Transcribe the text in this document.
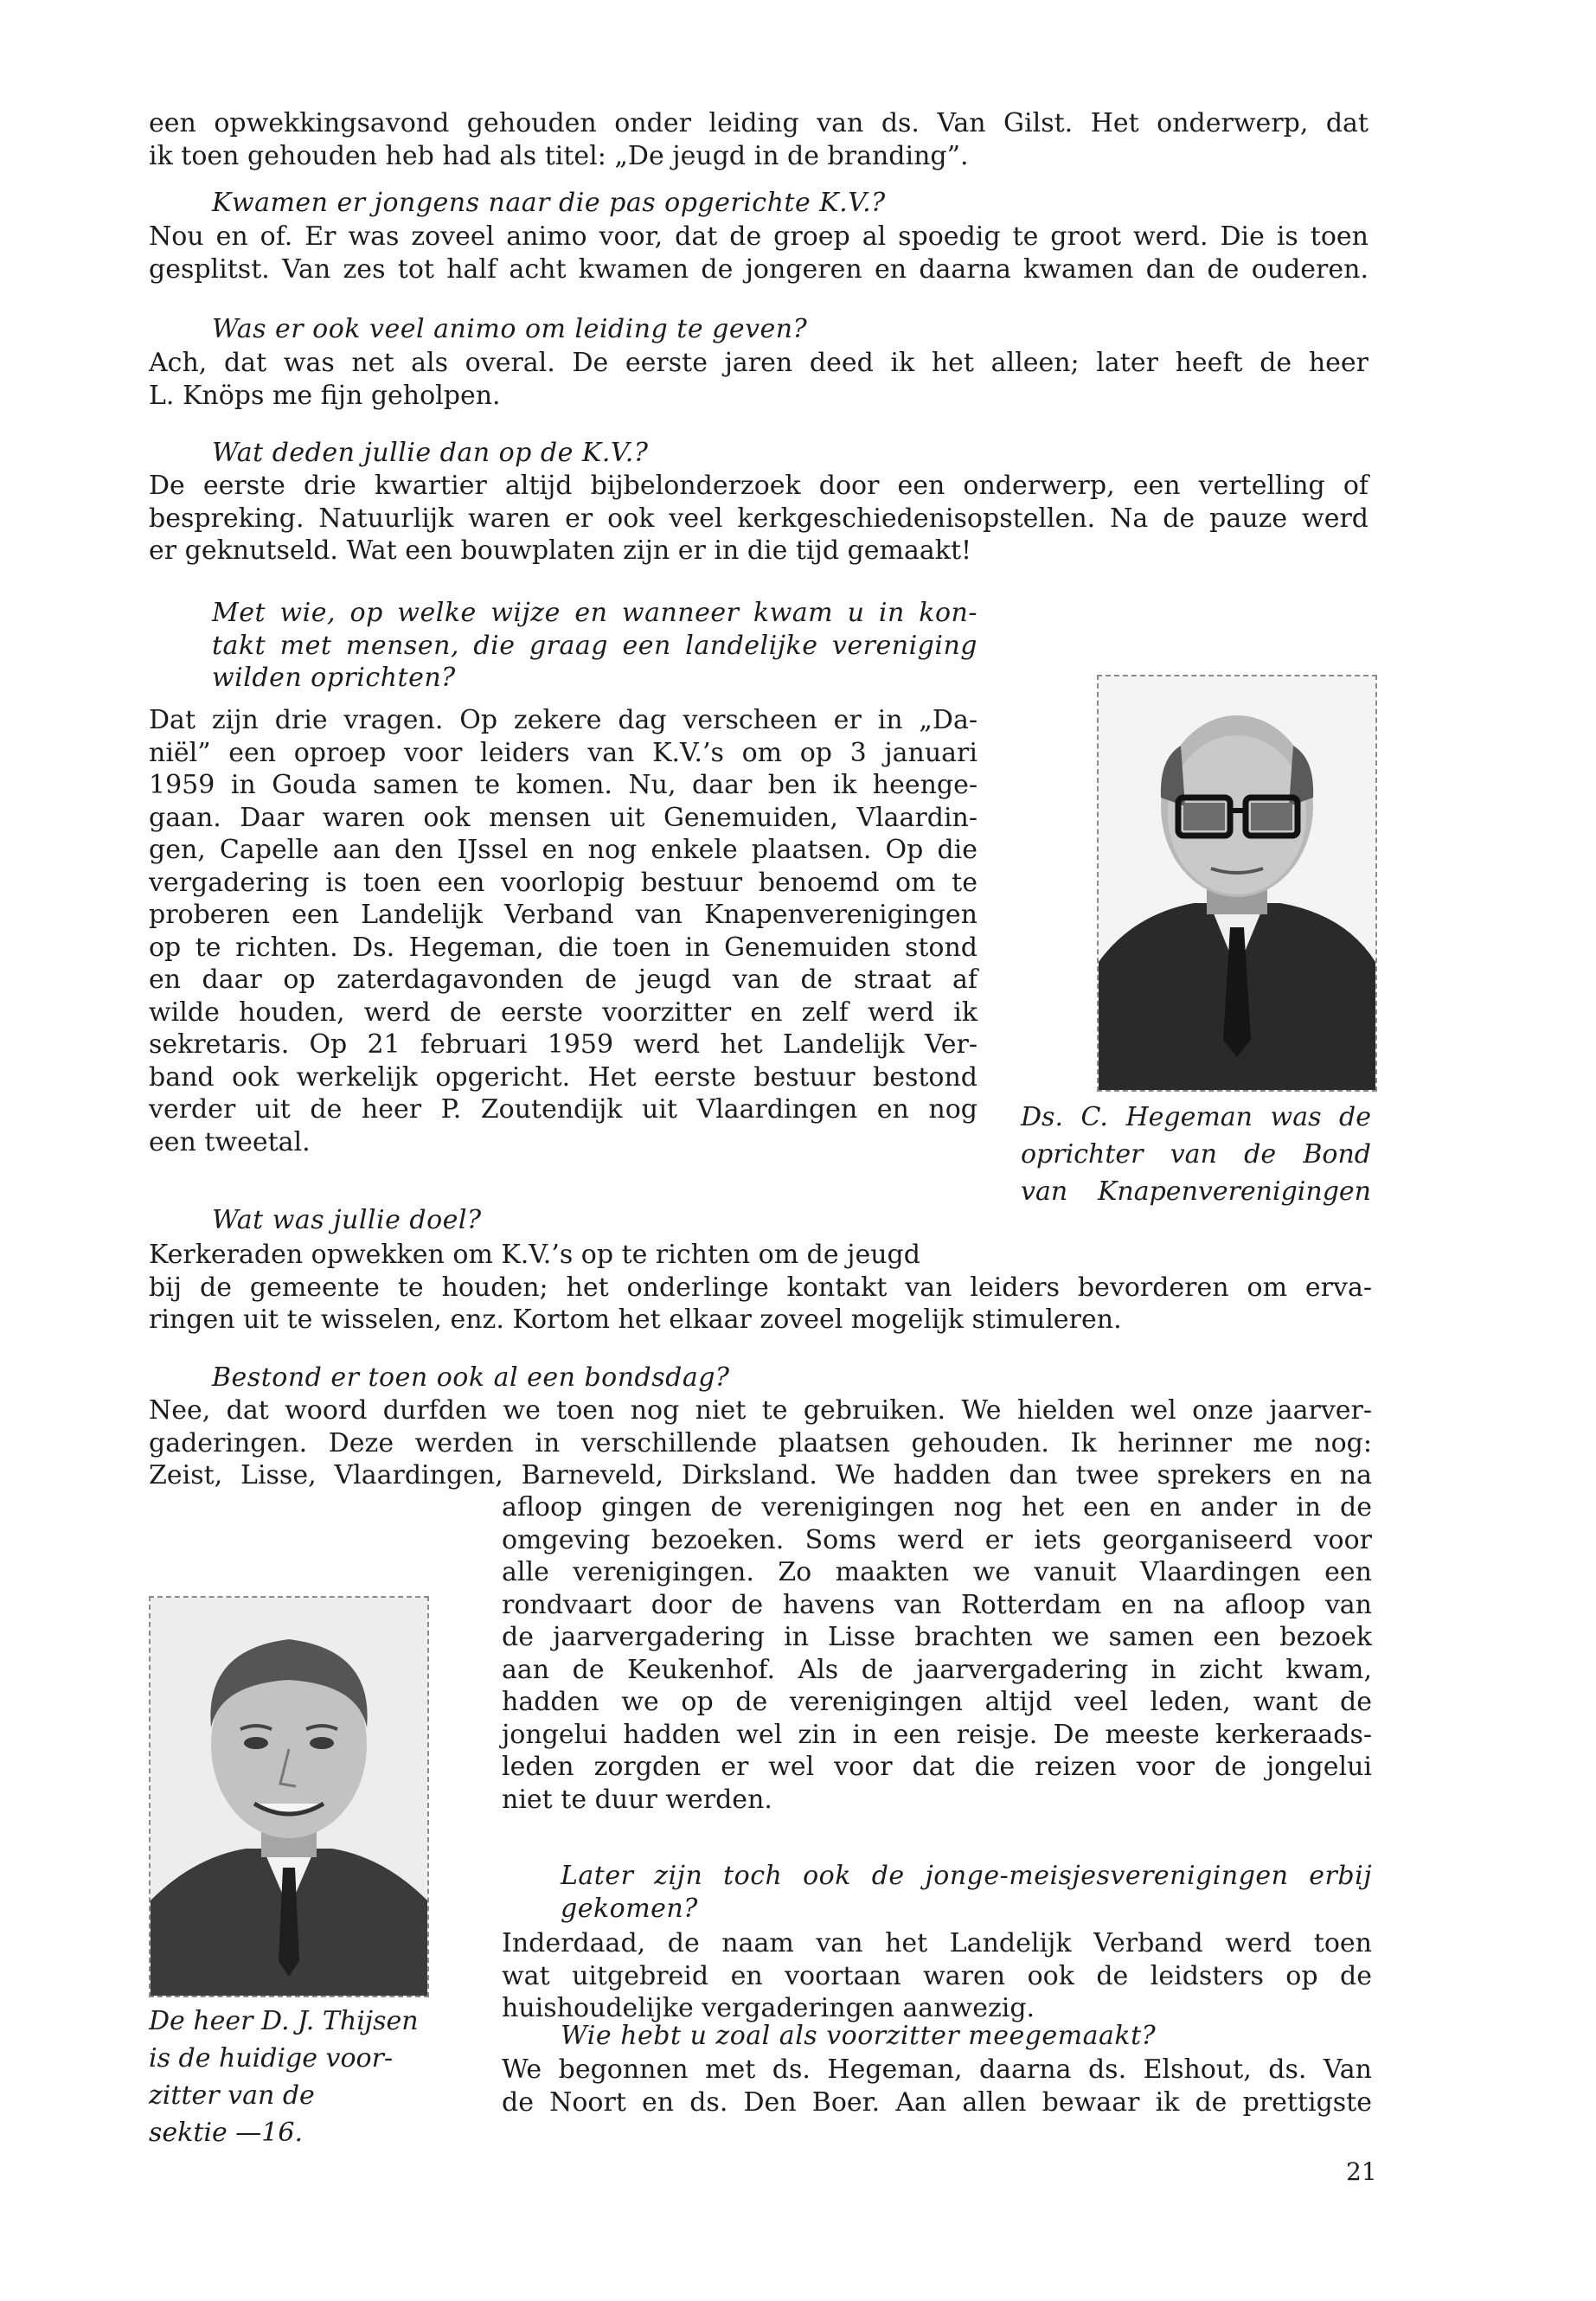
een opwekkingsavond gehouden onder leiding van ds. Van Gilst. Het onderwerp, dat
ik toen gehouden heb had als titel: „De jeugd in de branding”.
Kwamen er jongens naar die pas opgerichte K.V.?
Nou en of. Er was zoveel animo voor, dat de groep al spoedig te groot werd. Die is toen
gesplitst. Van zes tot half acht kwamen de jongeren en daarna kwamen dan de ouderen.
Was er ook veel animo om leiding te geven?
Ach, dat was net als overal. De eerste jaren deed ik het alleen; later heeft de heer
L. Knöps me fijn geholpen.
Wat deden jullie dan op de K.V.?
De eerste drie kwartier altijd bijbelonderzoek door een onderwerp, een vertelling of
bespreking. Natuurlijk waren er ook veel kerkgeschiedenisopstellen. Na de pauze werd
er geknutseld. Wat een bouwplaten zijn er in die tijd gemaakt!
Met wie, op welke wijze en wanneer kwam u in kon-
takt met mensen, die graag een landelijke vereniging
wilden oprichten?
Dat zijn drie vragen. Op zekere dag verscheen er in „Da-
niël” een oproep voor leiders van K.V.’s om op 3 januari
1959 in Gouda samen te komen. Nu, daar ben ik heenge-
gaan. Daar waren ook mensen uit Genemuiden, Vlaardin-
gen, Capelle aan den IJssel en nog enkele plaatsen. Op die
vergadering is toen een voorlopig bestuur benoemd om te
proberen een Landelijk Verband van Knapenverenigingen
op te richten. Ds. Hegeman, die toen in Genemuiden stond
en daar op zaterdagavonden de jeugd van de straat af
wilde houden, werd de eerste voorzitter en zelf werd ik
sekretaris. Op 21 februari 1959 werd het Landelijk Ver-
band ook werkelijk opgericht. Het eerste bestuur bestond
verder uit de heer P. Zoutendijk uit Vlaardingen en nog
een tweetal.
Ds. C. Hegeman was de
oprichter van de Bond
van Knapenverenigingen
Wat was jullie doel?
Kerkeraden opwekken om K.V.’s op te richten om de jeugd
bij de gemeente te houden; het onderlinge kontakt van leiders bevorderen om erva-
ringen uit te wisselen, enz. Kortom het elkaar zoveel mogelijk stimuleren.
Bestond er toen ook al een bondsdag?
Nee, dat woord durfden we toen nog niet te gebruiken. We hielden wel onze jaarver-
gaderingen. Deze werden in verschillende plaatsen gehouden. Ik herinner me nog:
Zeist, Lisse, Vlaardingen, Barneveld, Dirksland. We hadden dan twee sprekers en na
afloop gingen de verenigingen nog het een en ander in de
omgeving bezoeken. Soms werd er iets georganiseerd voor
alle verenigingen. Zo maakten we vanuit Vlaardingen een
rondvaart door de havens van Rotterdam en na afloop van
de jaarvergadering in Lisse brachten we samen een bezoek
aan de Keukenhof. Als de jaarvergadering in zicht kwam,
hadden we op de verenigingen altijd veel leden, want de
jongelui hadden wel zin in een reisje. De meeste kerkeraads-
leden zorgden er wel voor dat die reizen voor de jongelui
niet te duur werden.
Later zijn toch ook de jonge-meisjesverenigingen erbij
gekomen?
Inderdaad, de naam van het Landelijk Verband werd toen
wat uitgebreid en voortaan waren ook de leidsters op de
huishoudelijke vergaderingen aanwezig.
Wie hebt u zoal als voorzitter meegemaakt?
We begonnen met ds. Hegeman, daarna ds. Elshout, ds. Van
de Noort en ds. Den Boer. Aan allen bewaar ik de prettigste
De heer D. J. Thijsen
is de huidige voor-
zitter van de
sektie —16.
21
